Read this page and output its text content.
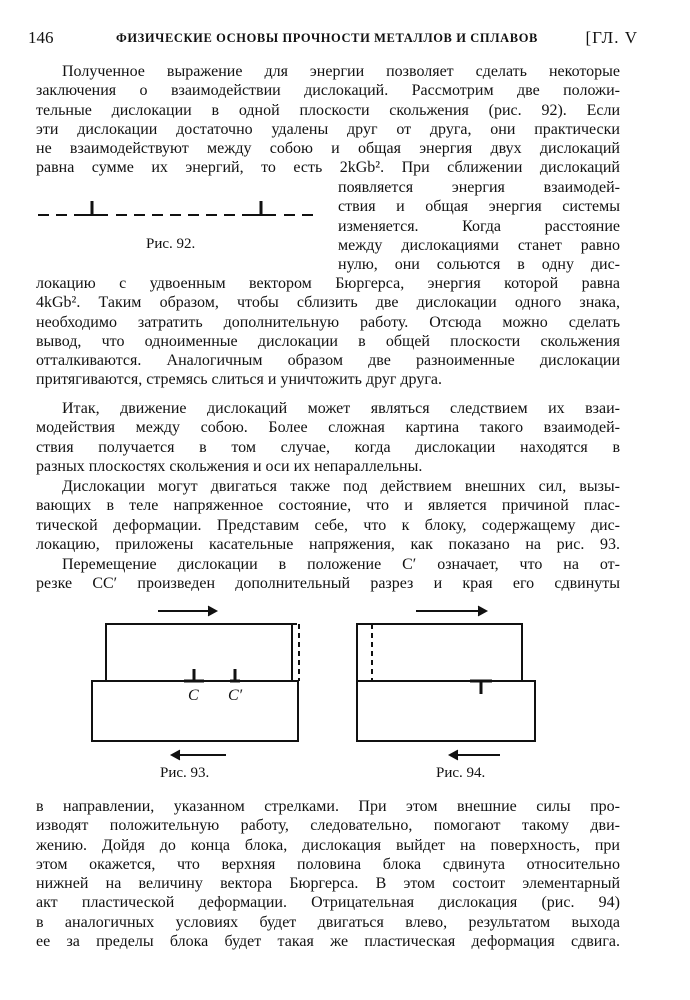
146	ФИЗИЧЕСКИЕ ОСНОВЫ ПРОЧНОСТИ МЕТАЛЛОВ И СПЛАВОВ	[ГЛ. V
Полученное выражение для энергии позволяет сделать некоторые
заключения о взаимодействии дислокаций. Рассмотрим две положи-
тельные дислокации в одной плоскости скольжения (рис. 92). Если
эти дислокации достаточно удалены друг от друга, они практически
не взаимодействуют между собою и общая энергия двух дислокаций
равна сумме их энергий, то есть 2kGb². При сближении дислокаций
Рис. 92.
появляется энергия взаимодей-
ствия и общая энергия системы
изменяется. Когда расстояние
между дислокациями станет равно
нулю, они сольются в одну дис-
локацию с удвоенным вектором Бюргерса, энергия которой равна
4kGb². Таким образом, чтобы сблизить две дислокации одного знака,
необходимо затратить дополнительную работу. Отсюда можно сделать
вывод, что одноименные дислокации в общей плоскости скольжения
отталкиваются. Аналогичным образом две разноименные дислокации
притягиваются, стремясь слиться и уничтожить друг друга.
Итак, движение дислокаций может являться следствием их взаи-
модействия между собою. Более сложная картина такого взаимодей-
ствия получается в том случае, когда дислокации находятся в
разных плоскостях скольжения и оси их непараллельны.
Дислокации могут двигаться также под действием внешних сил, вызы-
вающих в теле напряженное состояние, что и является причиной плас-
тической деформации. Представим себе, что к блоку, содержащему дис-
локацию, приложены касательные напряжения, как показано на рис. 93.
Перемещение дислокации в положение C′ означает, что на от-
резке CC′ произведен дополнительный разрез и края его сдвинуты
C C′
Рис. 93.	Рис. 94.
в направлении, указанном стрелками. При этом внешние силы про-
изводят положительную работу, следовательно, помогают такому дви-
жению. Дойдя до конца блока, дислокация выйдет на поверхность, при
этом окажется, что верхняя половина блока сдвинута относительно
нижней на величину вектора Бюргерса. В этом состоит элементарный
акт пластической деформации. Отрицательная дислокация (рис. 94)
в аналогичных условиях будет двигаться влево, результатом выхода
ее за пределы блока будет такая же пластическая деформация сдвига.
